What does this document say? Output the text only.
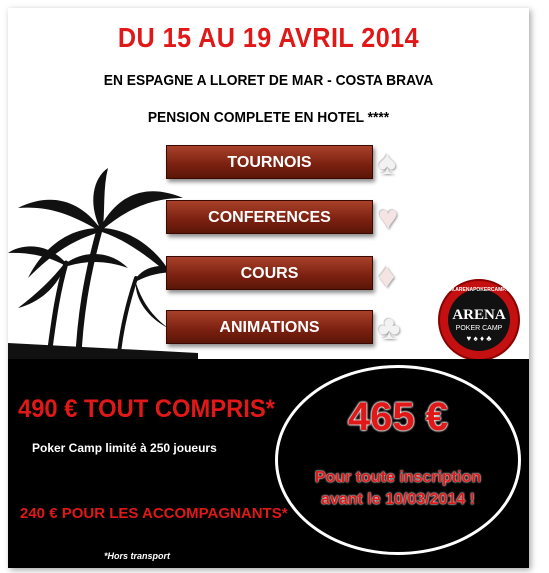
DU 15 AU 19 AVRIL 2014
EN ESPAGNE A LLORET DE MAR - COSTA BRAVA
PENSION COMPLETE EN HOTEL ****
TOURNOIS	♠
CONFERENCES	♥
COURS	♦
ANIMATIONS	♣
WWW.ARENAPOKERCAMP.COM
ARENA
POKER CAMP
♥ ♠ ♦ ♣
490 € TOUT COMPRIS*
Poker Camp limité à 250 joueurs
240 € POUR LES ACCOMPAGNANTS*
*Hors transport
465 €
Pour toute inscription
avant le 10/03/2014 !
